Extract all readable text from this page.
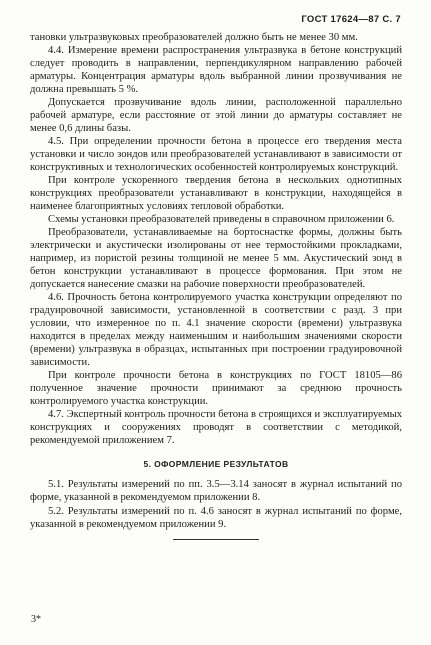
ГОСТ 17624—87 С. 7

тановки ультразвуковых преобразователей должно быть не менее 30 мм.

4.4. Измерение времени распространения ультразвука в бетоне конструкций следует проводить в направлении, перпендикулярном направлению рабочей арматуры. Концентрация арматуры вдоль выбранной линии прозвучивания не должна превышать 5 %.

Допускается прозвучивание вдоль линии, расположенной параллельно рабочей арматуре, если расстояние от этой линии до арматуры составляет не менее 0,6 длины базы.

4.5. При определении прочности бетона в процессе его твердения места установки и число зондов или преобразователей устанавливают в зависимости от конструктивных и технологических особенностей контролируемых конструкций.

При контроле ускоренного твердения бетона в нескольких однотипных конструкциях преобразователи устанавливают в конструкции, находящейся в наименее благоприятных условиях тепловой обработки.

Схемы установки преобразователей приведены в справочном приложении 6.

Преобразователи, устанавливаемые на бортоснастке формы, должны быть электрически и акустически изолированы от нее термостойкими прокладками, например, из пористой резины толщиной не менее 5 мм. Акустический зонд в бетон конструкции устанавливают в процессе формования. При этом не допускается нанесение смазки на рабочие поверхности преобразователей.

4.6. Прочность бетона контролируемого участка конструкции определяют по градуировочной зависимости, установленной в соответствии с разд. 3 при условии, что измеренное по п. 4.1 значение скорости (времени) ультразвука находится в пределах между наименьшим и наибольшим значениями скорости (времени) ультразвука в образцах, испытанных при построении градуировочной зависимости.

При контроле прочности бетона в конструкциях по ГОСТ 18105—86 полученное значение прочности принимают за среднюю прочность контролируемого участка конструкции.

4.7. Экспертный контроль прочности бетона в строящихся и эксплуатируемых конструкциях и сооружениях проводят в соответствии с методикой, рекомендуемой приложением 7.

5. ОФОРМЛЕНИЕ РЕЗУЛЬТАТОВ

5.1. Результаты измерений по пп. 3.5—3.14 заносят в журнал испытаний по форме, указанной в рекомендуемом приложении 8.

5.2. Результаты измерений по п. 4.6 заносят в журнал испытаний по форме, указанной в рекомендуемом приложении 9.

3*
